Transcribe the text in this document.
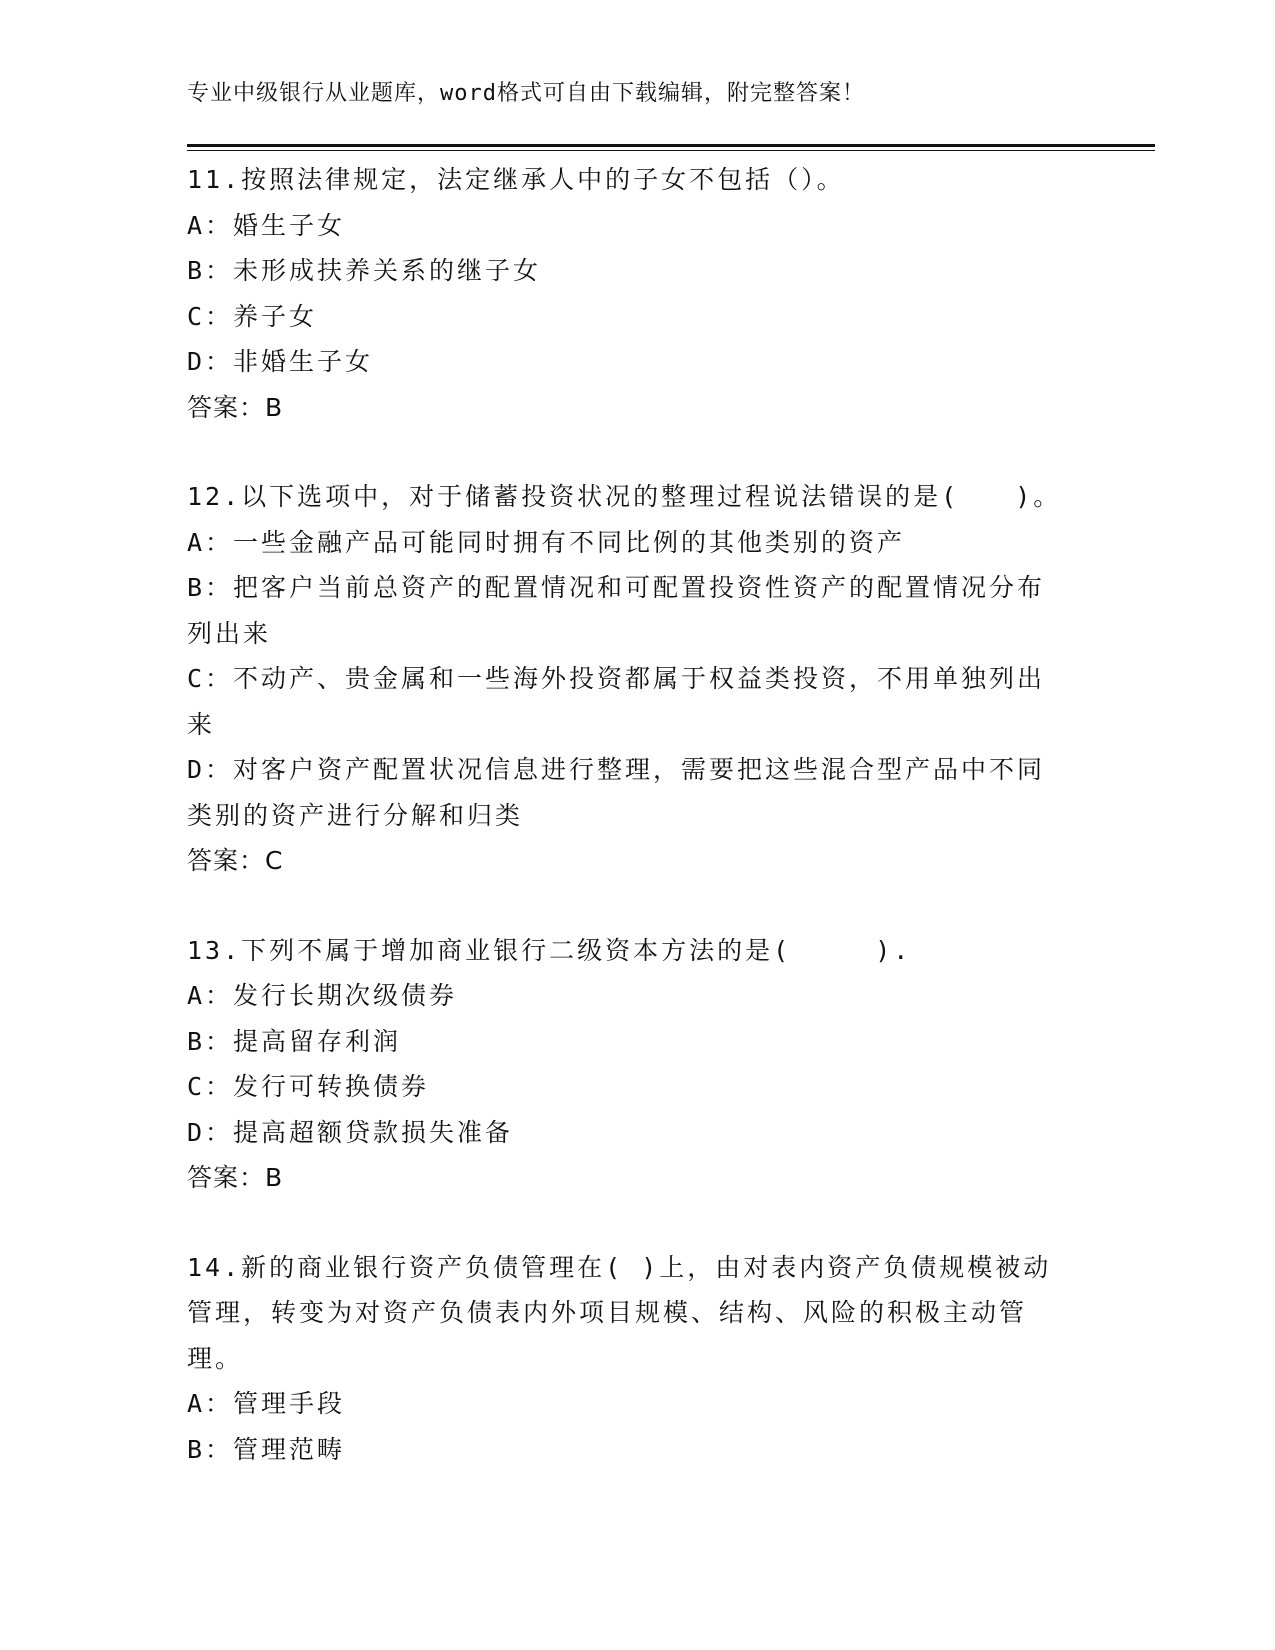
专业中级银行从业题库，word格式可自由下载编辑，附完整答案！
11.按照法律规定，法定继承人中的子女不包括（）。
A：婚生子女
B：未形成扶养关系的继子女
C：养子女
D：非婚生子女
答案：B
12.以下选项中，对于储蓄投资状况的整理过程说法错误的是(　　)。
A：一些金融产品可能同时拥有不同比例的其他类别的资产
B：把客户当前总资产的配置情况和可配置投资性资产的配置情况分布列出来
C：不动产、贵金属和一些海外投资都属于权益类投资，不用单独列出来
D：对客户资产配置状况信息进行整理，需要把这些混合型产品中不同类别的资产进行分解和归类
答案：C
13.下列不属于增加商业银行二级资本方法的是(　　　).
A：发行长期次级债券
B：提高留存利润
C：发行可转换债券
D：提高超额贷款损失准备
答案：B
14.新的商业银行资产负债管理在( )上，由对表内资产负债规模被动管理，转变为对资产负债表内外项目规模、结构、风险的积极主动管理。
A：管理手段
B：管理范畴
